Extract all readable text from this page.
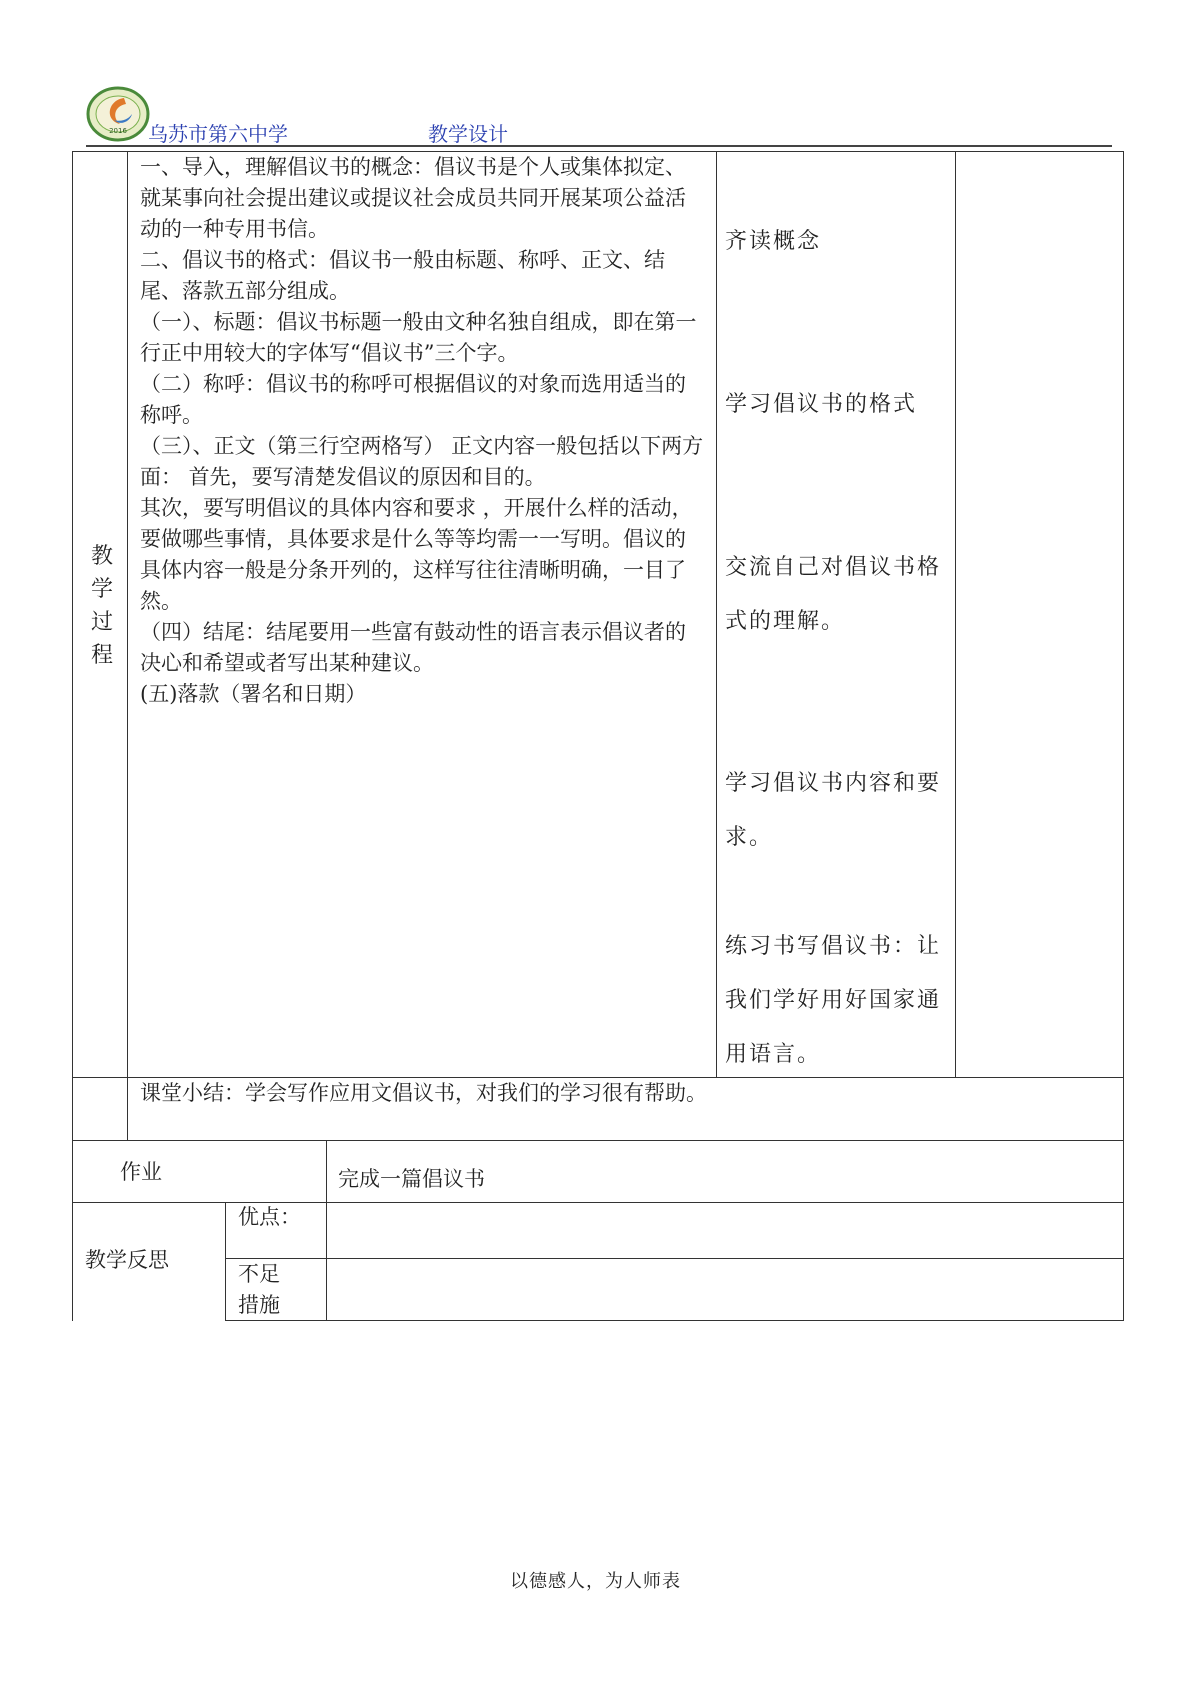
2016 乌苏市第六中学	教学设计
教
学
过
程

一、导入，理解倡议书的概念：倡议书是个人或集体拟定、就某事向社会提出建议或提议社会成员共同开展某项公益活动的一种专用书信。

二、倡议书的格式：倡议书一般由标题、称呼、正文、结尾、落款五部分组成。

（一）、标题：倡议书标题一般由文种名独自组成，即在第一行正中用较大的字体写“倡议书”三个字。

（二）称呼：倡议书的称呼可根据倡议的对象而选用适当的称呼。

（三）、正文（第三行空两格写） 正文内容一般包括以下两方面： 首先，要写清楚发倡议的原因和目的。

其次，要写明倡议的具体内容和要求 ，开展什么样的活动，要做哪些事情，具体要求是什么等等均需一一写明。倡议的具体内容一般是分条开列的，这样写往往清晰明确，一目了然。

（四）结尾：结尾要用一些富有鼓动性的语言表示倡议者的决心和希望或者写出某种建议。

(五)落款（署名和日期）

齐读概念
学习倡议书的格式
交流自己对倡议书格式的理解。
学习倡议书内容和要求。
练习书写倡议书：让我们学好用好国家通用语言。
课堂小结：学会写作应用文倡议书，对我们的学习很有帮助。
作业	完成一篇倡议书
教学反思
优点：
不足措施
以德感人，为人师表
